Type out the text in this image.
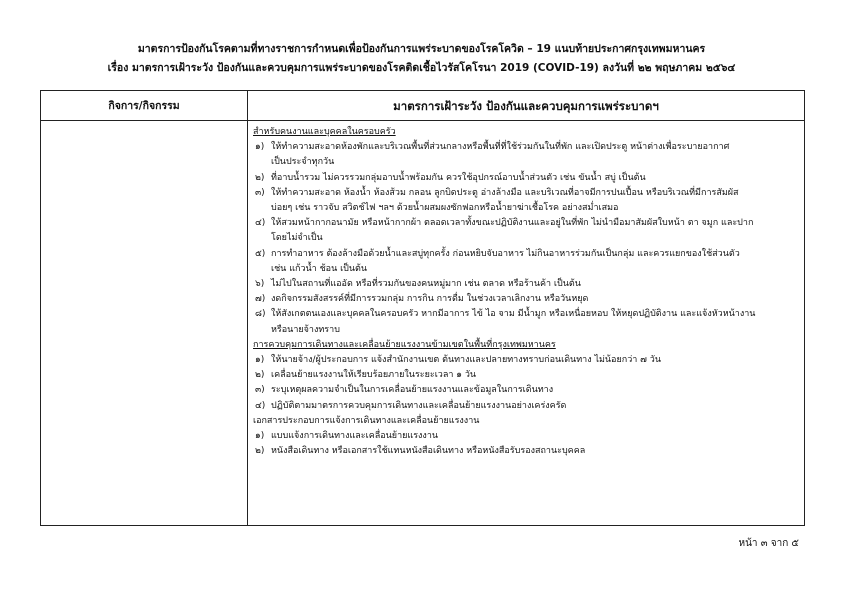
มาตรการป้องกันโรคตามที่ทางราชการกำหนดเพื่อป้องกันการแพร่ระบาดของโรคโควิด – 19 แนบท้ายประกาศกรุงเทพมหานคร
เรื่อง มาตรการเฝ้าระวัง ป้องกันและควบคุมการแพร่ระบาดของโรคติดเชื้อไวรัสโคโรนา 2019 (COVID-19) ลงวันที่ ๒๒ พฤษภาคม ๒๕๖๔
กิจการ/กิจกรรม	มาตรการเฝ้าระวัง ป้องกันและควบคุมการแพร่ระบาดฯ
สำหรับคนงานและบุคคลในครอบครัว
๑) ให้ทำความสะอาดห้องพักและบริเวณพื้นที่ส่วนกลางหรือพื้นที่ที่ใช้ร่วมกันในที่พัก และเปิดประตู หน้าต่างเพื่อระบายอากาศ
เป็นประจำทุกวัน
๒) ที่อาบน้ำรวม ไม่ควรรวมกลุ่มอาบน้ำพร้อมกัน ควรใช้อุปกรณ์อาบน้ำส่วนตัว เช่น ขันน้ำ สบู่ เป็นต้น
๓) ให้ทำความสะอาด ห้องน้ำ ห้องส้วม กลอน ลูกบิดประตู อ่างล้างมือ และบริเวณที่อาจมีการปนเปื้อน หรือบริเวณที่มีการสัมผัส
บ่อยๆ เช่น ราวจับ สวิตช์ไฟ ฯลฯ ด้วยน้ำผสมผงซักฟอกหรือน้ำยาฆ่าเชื้อโรค อย่างสม่ำเสมอ
๔) ให้สวมหน้ากากอนามัย หรือหน้ากากผ้า ตลอดเวลาทั้งขณะปฏิบัติงานและอยู่ในที่พัก ไม่นำมือมาสัมผัสใบหน้า ตา จมูก และปาก
โดยไม่จำเป็น
๕) การทำอาหาร ต้องล้างมือด้วยน้ำและสบู่ทุกครั้ง ก่อนหยิบจับอาหาร ไม่กินอาหารร่วมกันเป็นกลุ่ม และควรแยกของใช้ส่วนตัว
เช่น แก้วน้ำ ช้อน เป็นต้น
๖) ไม่ไปในสถานที่แออัด หรือที่รวมกันของคนหมู่มาก เช่น ตลาด หรือร้านค้า เป็นต้น
๗) งดกิจกรรมสังสรรค์ที่มีการรวมกลุ่ม การกิน การดื่ม ในช่วงเวลาเลิกงาน หรือวันหยุด
๘) ให้สังเกตตนเองและบุคคลในครอบครัว หากมีอาการ ไข้ ไอ จาม มีน้ำมูก หรือเหนื่อยหอบ ให้หยุดปฏิบัติงาน และแจ้งหัวหน้างาน
หรือนายจ้างทราบ
การควบคุมการเดินทางและเคลื่อนย้ายแรงงานข้ามเขตในพื้นที่กรุงเทพมหานคร
๑) ให้นายจ้าง/ผู้ประกอบการ แจ้งสำนักงานเขต ต้นทางและปลายทางทราบก่อนเดินทาง ไม่น้อยกว่า ๗ วัน
๒) เคลื่อนย้ายแรงงานให้เรียบร้อยภายในระยะเวลา ๑ วัน
๓) ระบุเหตุผลความจำเป็นในการเคลื่อนย้ายแรงงานและข้อมูลในการเดินทาง
๔) ปฏิบัติตามมาตรการควบคุมการเดินทางและเคลื่อนย้ายแรงงานอย่างเคร่งครัด
เอกสารประกอบการแจ้งการเดินทางและเคลื่อนย้ายแรงงาน
๑) แบบแจ้งการเดินทางและเคลื่อนย้ายแรงงาน
๒) หนังสือเดินทาง หรือเอกสารใช้แทนหนังสือเดินทาง หรือหนังสือรับรองสถานะบุคคล
หน้า ๓ จาก ๕
